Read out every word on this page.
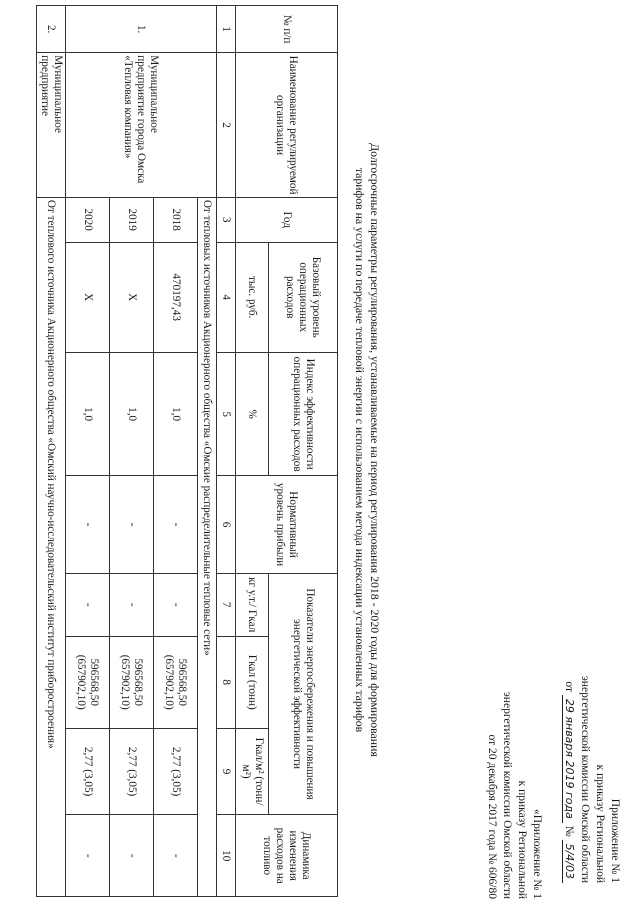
Приложение № 1
к приказу Региональной
энергетической комиссии Омской области
от 29 января 2019 года № 5/4/03
«Приложение № 1
к приказу Региональной
энергетической комиссии Омской области
от 20 декабря 2017 года № 606/80
Долгосрочные параметры регулирования, устанавливаемые на период регулирования 2018 - 2020 годы для формирования
тарифов на услуги по передаче тепловой энергии с использованием метода индексации установленных тарифов
№ п/п	Наименование регулируемой организации	Год	Базовый уровень операционных расходов	Индекс эффективности операционных расходов	Нормативный уровень прибыли	Показатели энергосбережения и повышения энергетической эффективности			Динамика изменения расходов на топливо
			тыс. руб.	%		кг у.т./ Гкал	Гкал (тонн)	Гкал/м² (тонн/м²)	
1	2	3	4	5	6	7	8	9	10
1.	Муниципальное предприятие города Омска «Тепловая компания»	От тепловых источников Акционерного общества «Омские распределительные тепловые сети»							
		2018	470197,43	1,0	-	-	596568,50 (657902,10)	2,77 (3,05)	-
		2019	Х	1,0	-	-	596568,50 (657902,10)	2,77 (3,05)	-
		2020	Х	1,0	-	-	596568,50 (657902,10)	2,77 (3,05)	-
2.	Муниципальное предприятие	От теплового источника Акционерного общества «Омский научно-исследовательский институт приборостроения»							
